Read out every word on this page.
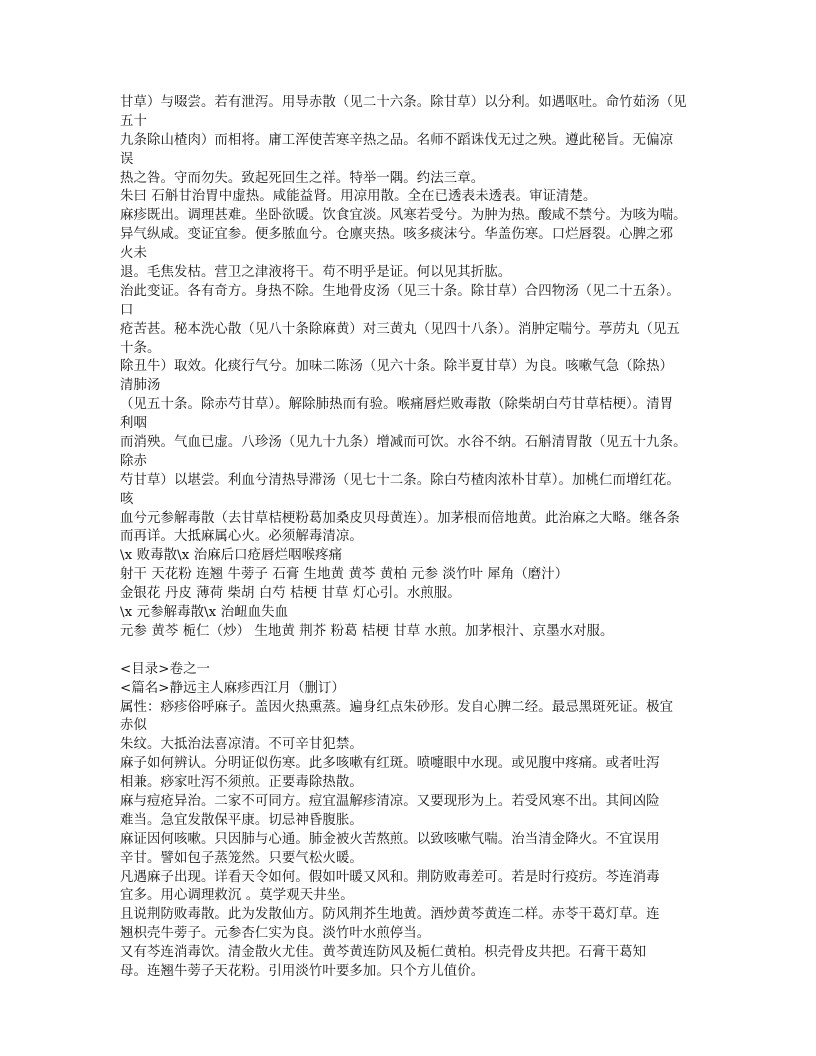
甘草）与啜尝。若有泄泻。用导赤散（见二十六条。除甘草）以分利。如遇呕吐。命竹茹汤（见
五十
九条除山楂肉）而相将。庸工浑使苦寒辛热之品。名师不蹈诛伐无过之殃。遵此秘旨。无偏凉
误
热之咎。守而勿失。致起死回生之祥。特举一隅。约法三章。
朱曰 石斛甘治胃中虚热。咸能益肾。用凉用散。全在已透表未透表。审证清楚。
麻疹既出。调理甚难。坐卧欲暖。饮食宜淡。风寒若受兮。为肿为热。酸咸不禁兮。为咳为喘。
异气纵咸。变证宜参。便多脓血兮。仓廪夹热。咳多痰沫兮。华盖伤寒。口烂唇裂。心脾之邪
火未
退。毛焦发枯。营卫之津液将干。苟不明乎是证。何以见其折肱。
治此变证。各有奇方。身热不除。生地骨皮汤（见三十条。除甘草）合四物汤（见二十五条）。
口
疮苦甚。秘本洗心散（见八十条除麻黄）对三黄丸（见四十八条）。消肿定喘兮。葶苈丸（见五
十条。
除丑牛）取效。化痰行气兮。加味二陈汤（见六十条。除半夏甘草）为良。咳嗽气急（除热）
清肺汤
（见五十条。除赤芍甘草）。解除肺热而有验。喉痛唇烂败毒散（除柴胡白芍甘草桔梗）。清胃
利咽
而消殃。气血已虚。八珍汤（见九十九条）增减而可饮。水谷不纳。石斛清胃散（见五十九条。
除赤
芍甘草）以堪尝。利血兮清热导滞汤（见七十二条。除白芍楂肉浓朴甘草）。加桃仁而增红花。
咳
血兮元参解毒散（去甘草桔梗粉葛加桑皮贝母黄连）。加茅根而倍地黄。此治麻之大略。继各条
而再详。大抵麻属心火。必须解毒清凉。
\x 败毒散\x 治麻后口疮唇烂咽喉疼痛
射干 天花粉 连翘 牛蒡子 石膏 生地黄 黄芩 黄柏 元参 淡竹叶 犀角（磨汁）
金银花 丹皮 薄荷 柴胡 白芍 桔梗 甘草 灯心引。水煎服。
\x 元参解毒散\x 治衄血失血
元参 黄芩 栀仁（炒） 生地黄 荆芥 粉葛 桔梗 甘草 水煎。加茅根汁、京墨水对服。
<目录>卷之一
<篇名>静远主人麻疹西江月（删订）
属性：痧疹俗呼麻子。盖因火热熏蒸。遍身红点朱砂形。发自心脾二经。最忌黑斑死证。极宜
赤似
朱纹。大抵治法喜凉清。不可辛甘犯禁。
麻子如何辨认。分明证似伤寒。此多咳嗽有红斑。喷嚏眼中水现。或见腹中疼痛。或者吐泻
相兼。痧家吐泻不须煎。正要毒除热散。
麻与痘疮异治。二家不可同方。痘宜温解疹清凉。又要现形为上。若受风寒不出。其间凶险
难当。急宜发散保平康。切忌神昏腹胀。
麻证因何咳嗽。只因肺与心通。肺金被火苦熬煎。以致咳嗽气喘。治当清金降火。不宜误用
辛甘。譬如包子蒸笼然。只要气松火暖。
凡遇麻子出现。详看天令如何。假如叶暖又风和。荆防败毒差可。若是时行疫疠。芩连消毒
宜多。用心调理救沉 。莫学观天井坐。
且说荆防败毒散。此为发散仙方。防风荆芥生地黄。酒炒黄芩黄连二样。赤苓干葛灯草。连
翘枳壳牛蒡子。元参杏仁实为良。淡竹叶水煎停当。
又有芩连消毒饮。清金散火尤佳。黄芩黄连防风及栀仁黄柏。枳壳骨皮共把。石膏干葛知
母。连翘牛蒡子天花粉。引用淡竹叶要多加。只个方儿值价。
